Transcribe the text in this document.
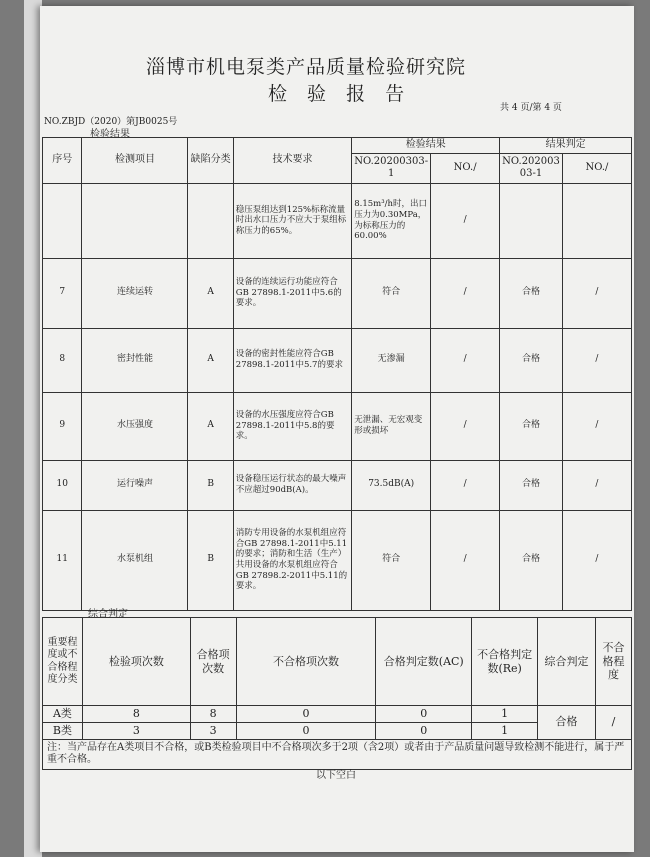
淄博市机电泵类产品质量检验研究院
检 验 报 告
NO.ZBJD（2020）第JB0025号
共 4 页/第 4 页
检验结果
序号	检测项目	缺陷分类	技术要求	检验结果		结果判定	
				NO.20200303-1	NO./	NO.202003 03-1	NO./
			稳压泵组达到125%标称流量时出水口压力不应大于泵组标称压力的65%。	8.15m³/h时，出口压力为0.30MPa，为标称压力的60.00%	/		
7	连续运转	A	设备的连续运行功能应符合GB 27898.1-2011中5.6的要求。	符合	/	合格	/
8	密封性能	A	设备的密封性能应符合GB 27898.1-2011中5.7的要求	无渗漏	/	合格	/
9	水压强度	A	设备的水压强度应符合GB 27898.1-2011中5.8的要求。	无泄漏、无宏观变形或损坏	/	合格	/
10	运行噪声	B	设备稳压运行状态的最大噪声不应超过90dB(A)。	73.5dB(A)	/	合格	/
11	水泵机组	B	消防专用设备的水泵机组应符合GB 27898.1-2011中5.11的要求；消防和生活（生产）共用设备的水泵机组应符合GB 27898.2-2011中5.11的要求。	符合	/	合格	/
综合判定
重要程度或不合格程度分类	检验项次数	合格项次数	不合格项次数	合格判定数(AC)	不合格判定数(Re)	综合判定	不合格程度
A类	8	8	0	0	1	合格	/
B类	3	3	0	0	1		
注：当产品存在A类项目不合格，或B类检验项目中不合格项次多于2项（含2项）或者由于产品质量问题导致检测不能进行，属于严重不合格。							
以下空白
